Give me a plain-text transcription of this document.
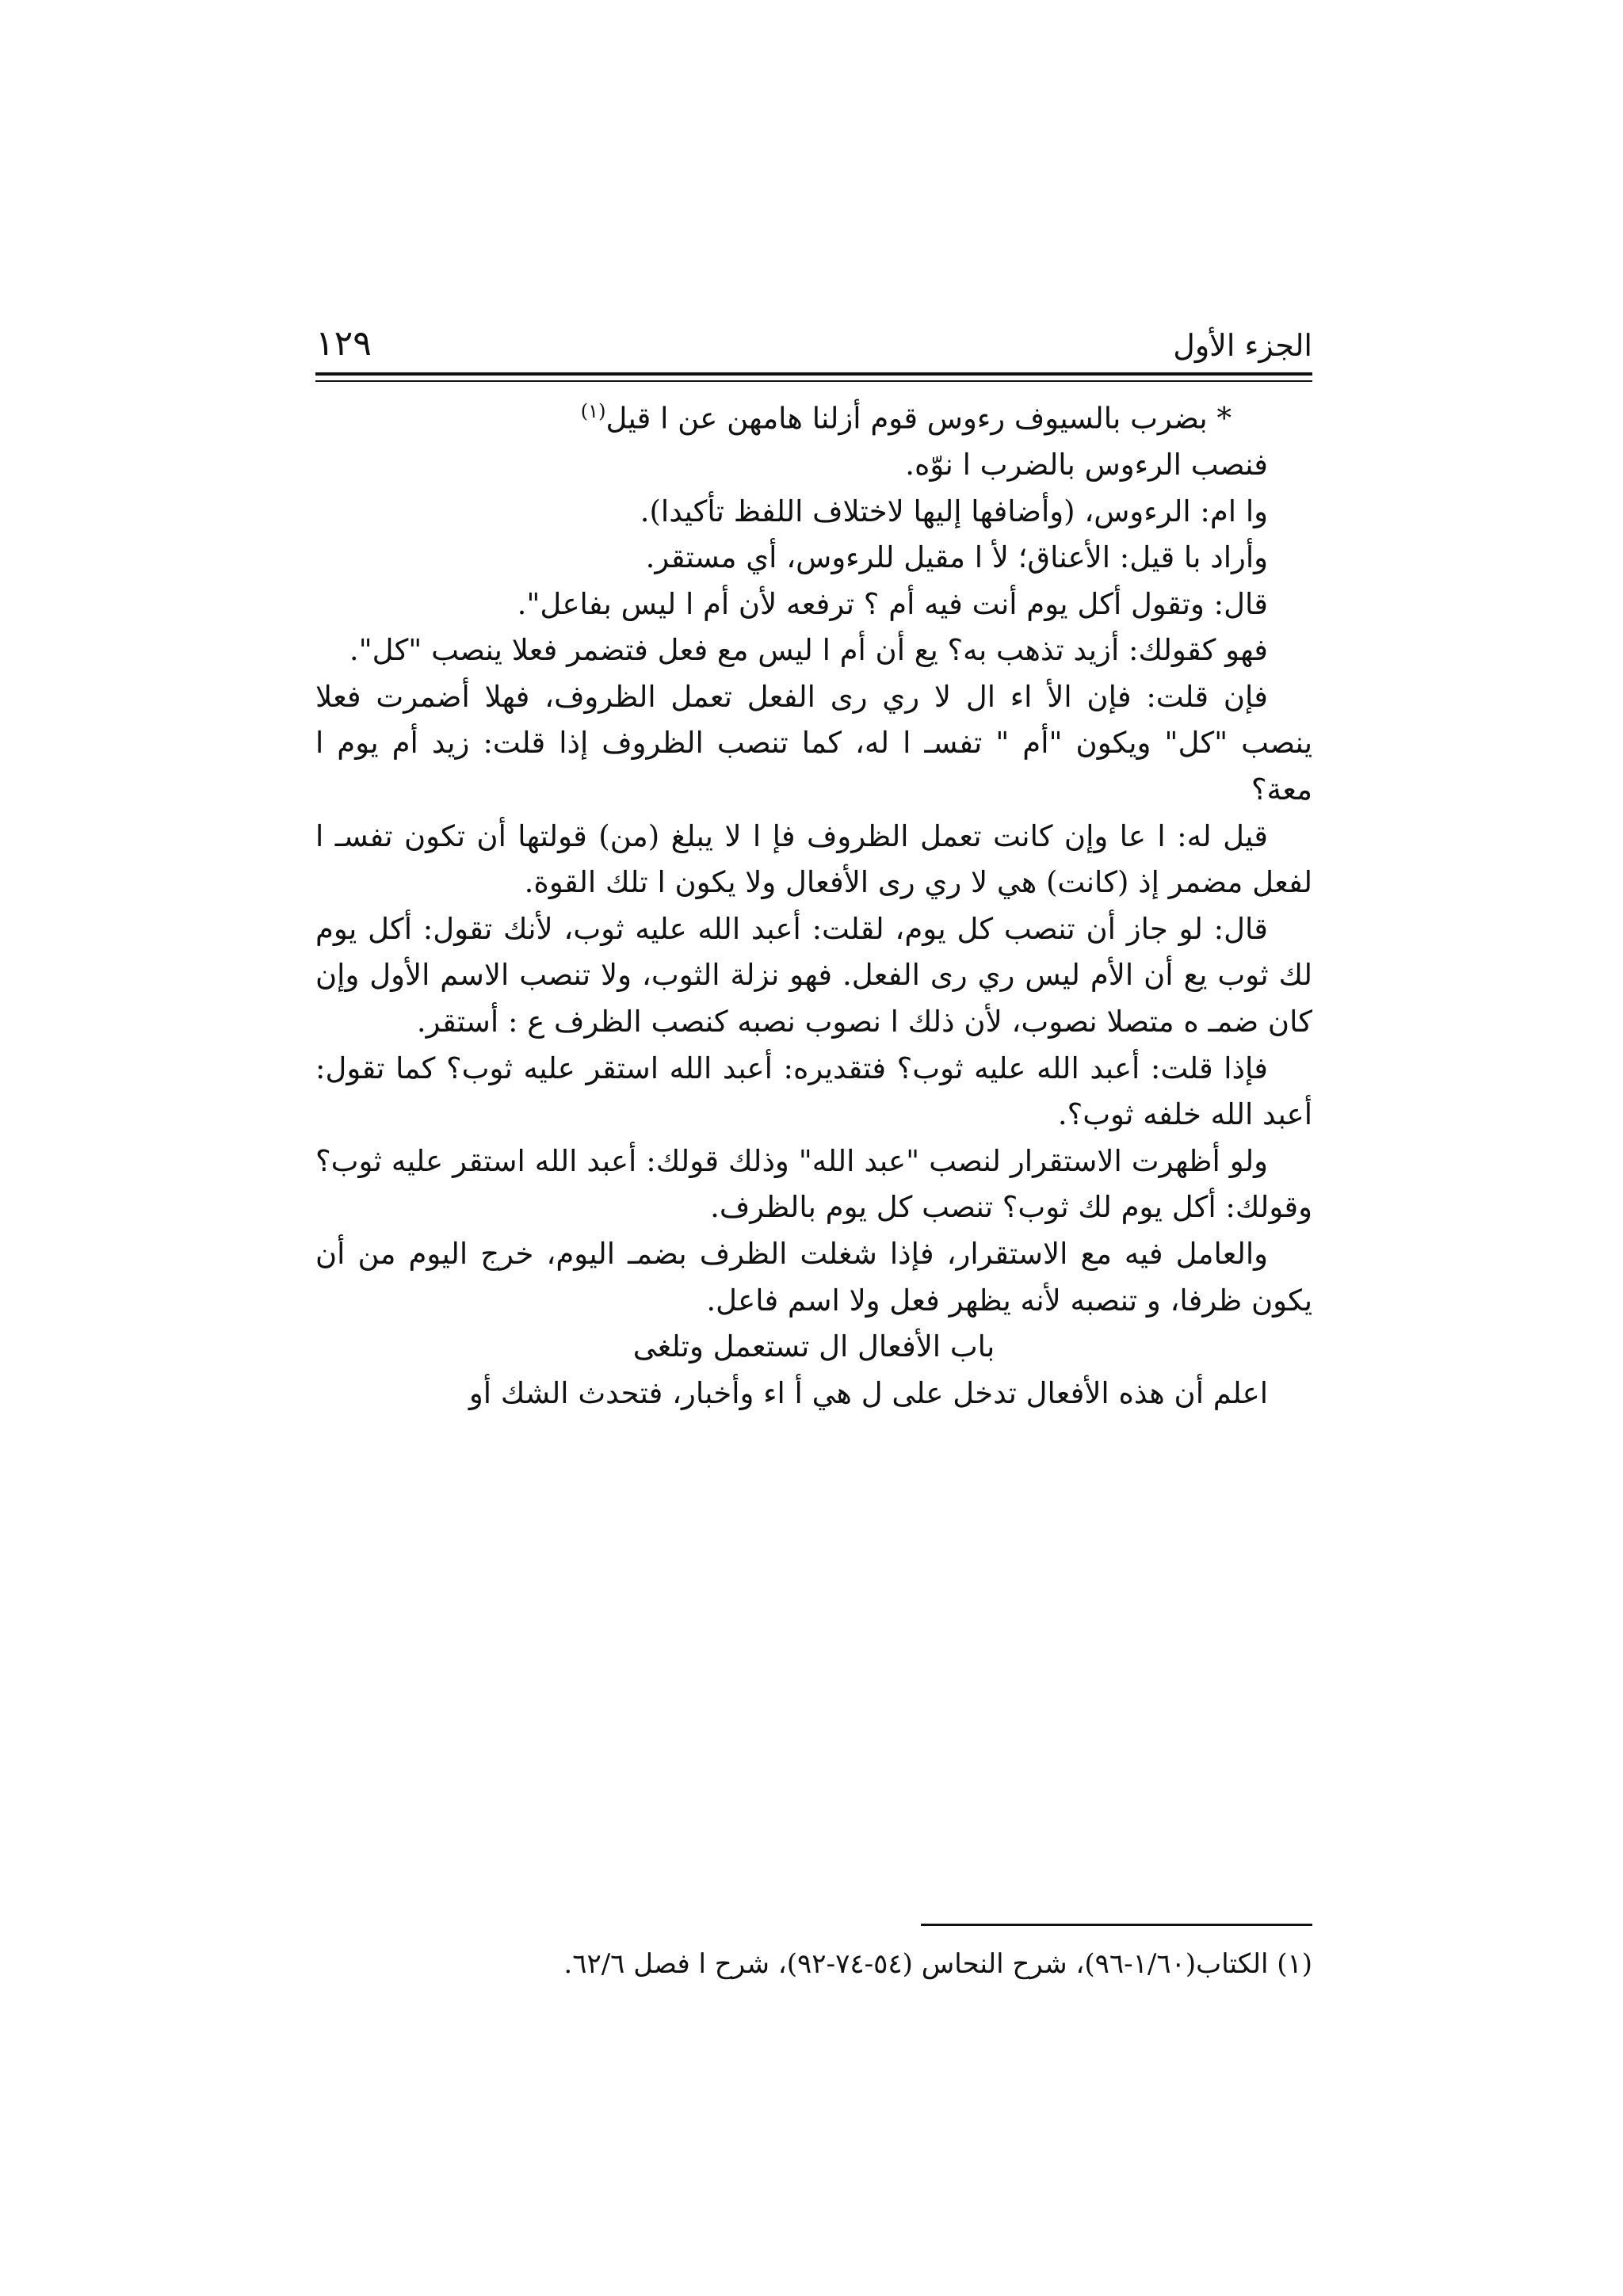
١٢٩	الجزء الأول

* بضرب بالسيوف رءوس قوم أزلنا هامهن عن ا قيل$^{(١)}$

فنصب الرءوس بالضرب ا نوّه.

وا ام: الرءوس، (وأضافها إليها لاختلاف اللفظ تأكيدا).

وأراد با قيل: الأعناق؛ لأ ا مقيل للرءوس، أي مستقر.

قال: وتقول أكل يوم أنت فيه أم ؟ ترفعه لأن أم ا ليس بفاعل".

فهو كقولك: أزيد تذهب به؟ يع أن أم ا ليس مع فعل فتضمر فعلا ينصب "كل".

فإن قلت: فإن الأ اء ال لا ري رى الفعل تعمل الظروف، فهلا أضمرت فعلا ينصب "كل" ويكون "أم " تفسـ ا له، كما تنصب الظروف إذا قلت: زيد أم يوم ا معة؟

قيل له: ا عا وإن كانت تعمل الظروف فإ ا لا يبلغ (من) قولتها أن تكون تفسـ ا لفعل مضمر إذ (كانت) هي لا ري رى الأفعال ولا يكون ا تلك القوة.

قال: لو جاز أن تنصب كل يوم، لقلت: أعبد الله عليه ثوب، لأنك تقول: أكل يوم لك ثوب يع أن الأم ليس ري رى الفعل. فهو نزلة الثوب، ولا تنصب الاسم الأول وإن كان ضمـ ه متصلا نصوب، لأن ذلك ا نصوب نصبه كنصب الظرف ع : أستقر.

فإذا قلت: أعبد الله عليه ثوب؟ فتقديره: أعبد الله استقر عليه ثوب؟ كما تقول: أعبد الله خلفه ثوب؟.

ولو أظهرت الاستقرار لنصب "عبد الله" وذلك قولك: أعبد الله استقر عليه ثوب؟ وقولك: أكل يوم لك ثوب؟ تنصب كل يوم بالظرف.

والعامل فيه مع الاستقرار، فإذا شغلت الظرف بضمـ اليوم، خرج اليوم من أن يكون ظرفا، و تنصبه لأنه يظهر فعل ولا اسم فاعل.

باب الأفعال ال تستعمل وتلغى

اعلم أن هذه الأفعال تدخل على ل هي أ اء وأخبار، فتحدث الشك أو

(١) الكتاب(١/٦٠-٩٦)، شرح النحاس (٥٤-٧٤-٩٢)، شرح ا فصل ٦٢/٦.
